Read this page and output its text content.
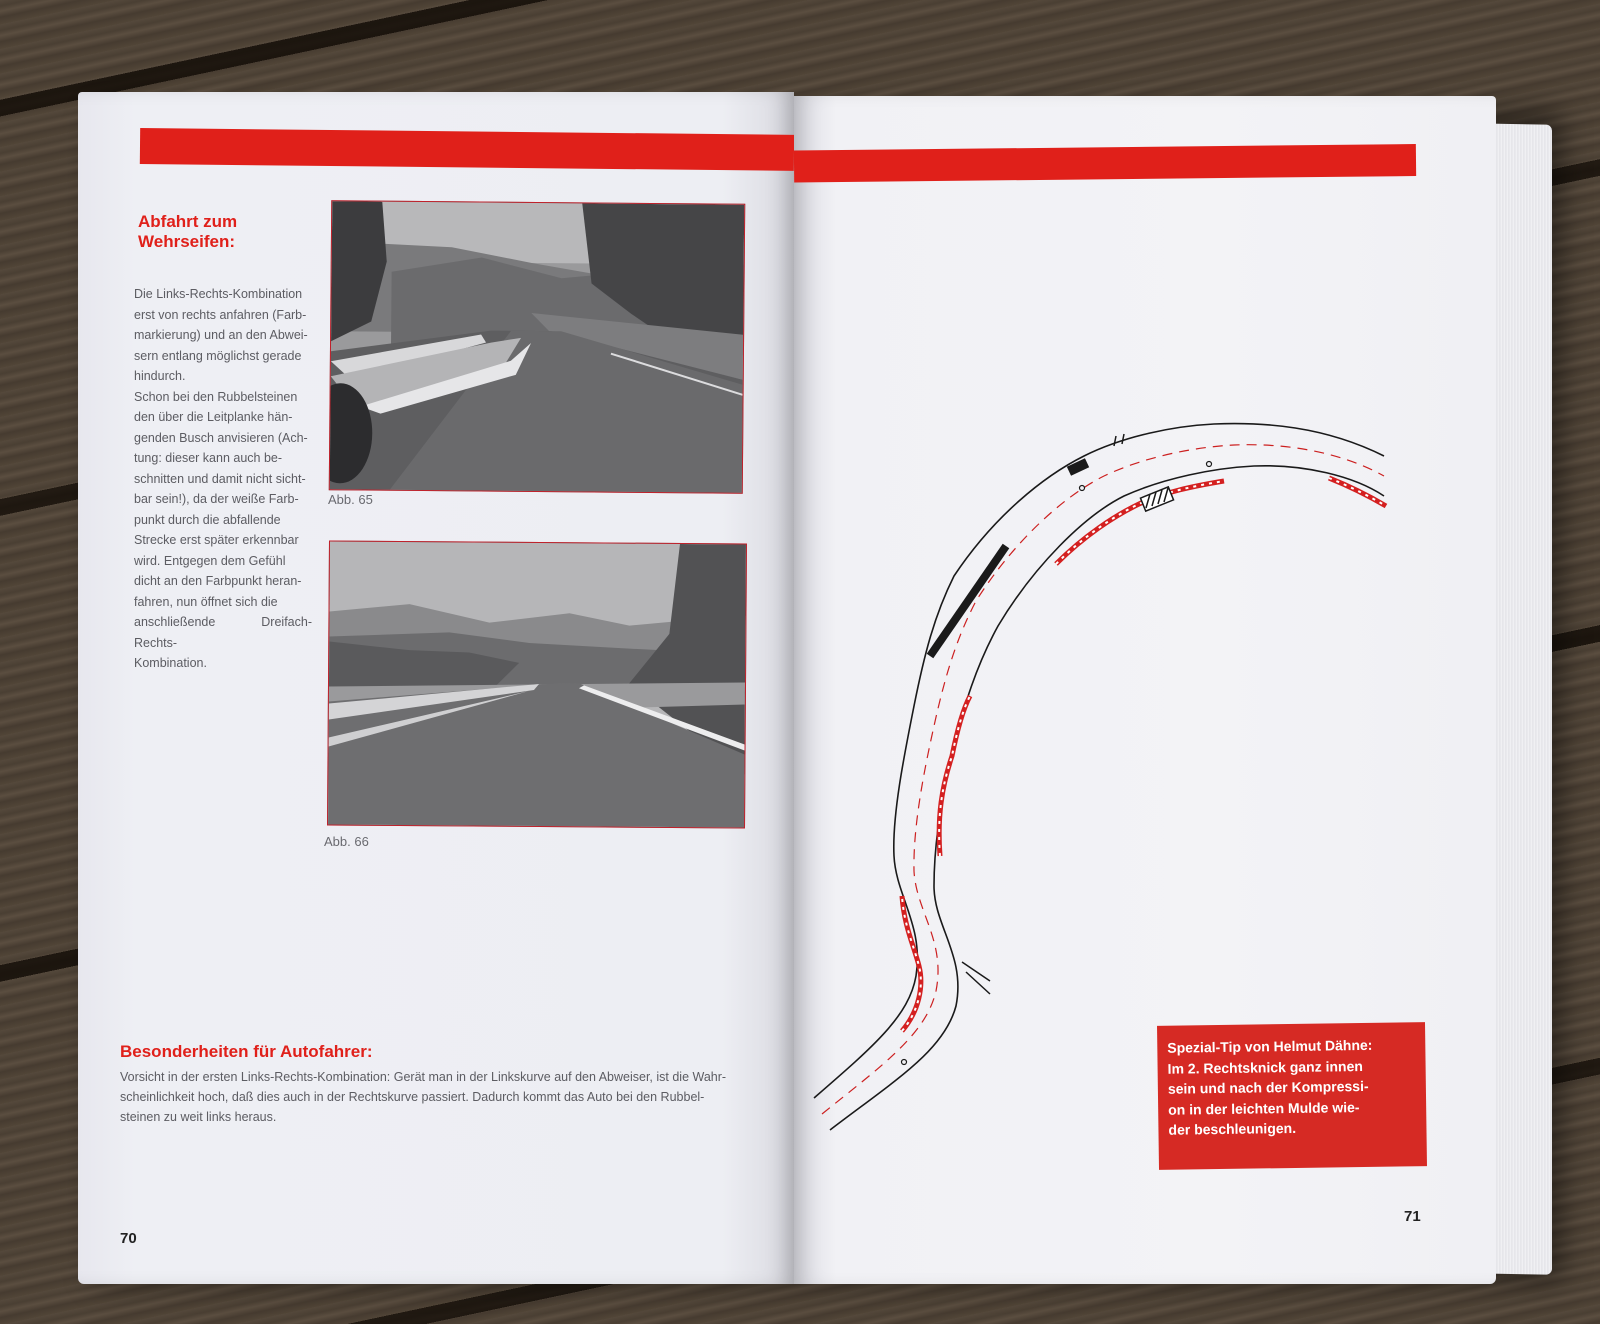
Abfahrt zum
Wehrseifen:
Die Links-Rechts-Kombination
erst von rechts anfahren (Farb-
markierung) und an den Abwei-
sern entlang möglichst gerade
hindurch.
Schon bei den Rubbelsteinen
den über die Leitplanke hän-
genden Busch anvisieren (Ach-
tung: dieser kann auch be-
schnitten und damit nicht sicht-
bar sein!), da der weiße Farb-
punkt durch die abfallende
Strecke erst später erkennbar
wird. Entgegen dem Gefühl
dicht an den Farbpunkt heran-
fahren, nun öffnet sich die
anschließende Dreifach-Rechts-
Kombination.
Abb. 65
Abb. 66
Besonderheiten für Autofahrer:
Vorsicht in der ersten Links-Rechts-Kombination: Gerät man in der Linkskurve auf den Abweiser, ist die Wahr-
scheinlichkeit hoch, daß dies auch in der Rechtskurve passiert. Dadurch kommt das Auto bei den Rubbel-
steinen zu weit links heraus.
70
Spezial-Tip von Helmut Dähne:
Im 2. Rechtsknick ganz innen
sein und nach der Kompressi-
on in der leichten Mulde wie-
der beschleunigen.
71
